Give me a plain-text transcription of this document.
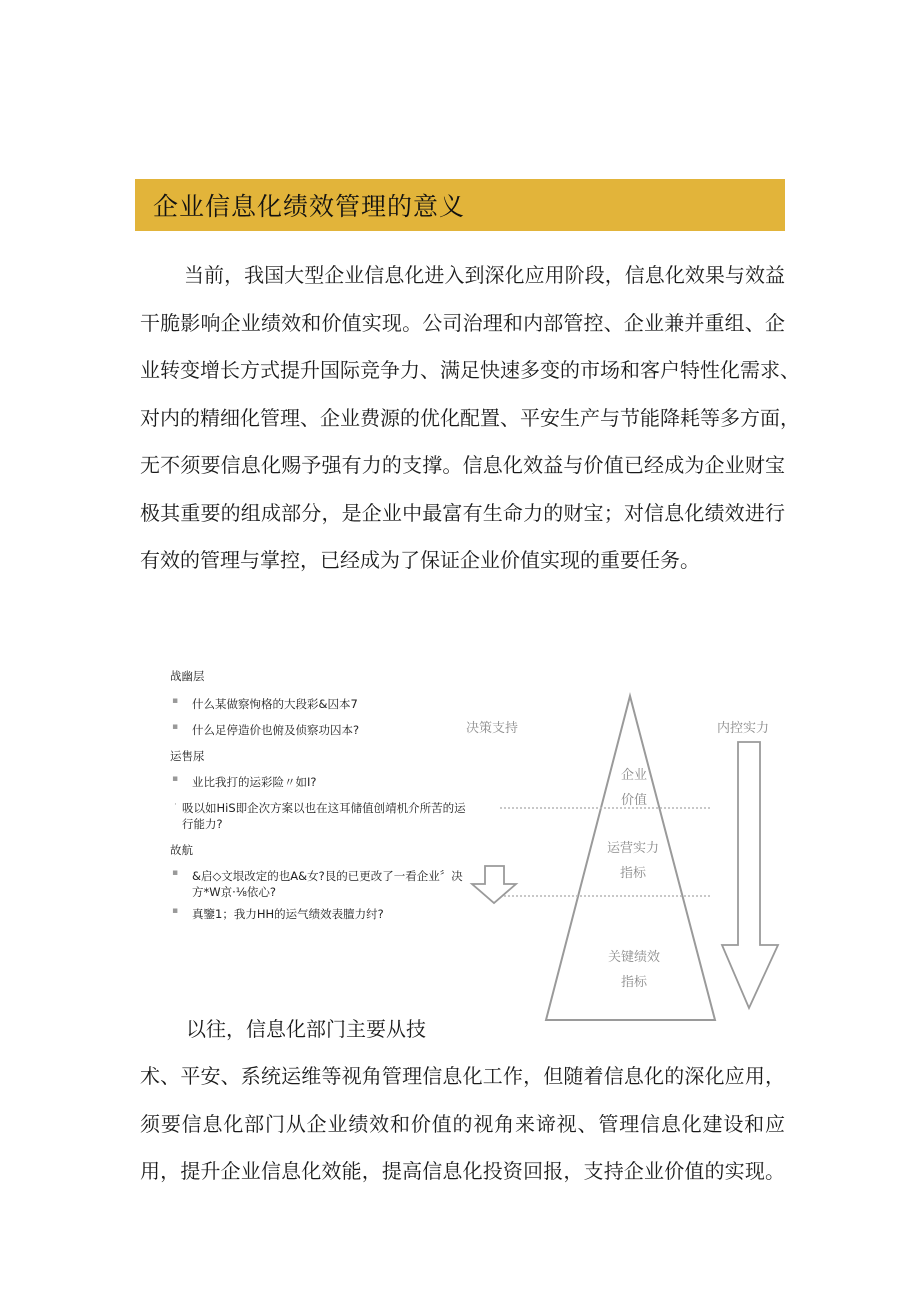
企业信息化绩效管理的意义
当前，我国大型企业信息化进入到深化应用阶段，信息化效果与效益
干脆影响企业绩效和价值实现。公司治理和内部管控、企业兼并重组、企
业转变增长方式提升国际竞争力、满足快速多变的市场和客户特性化需求、
对内的精细化管理、企业费源的优化配置、平安生产与节能降耗等多方面，
无不须要信息化赐予强有力的支撑。信息化效益与价值已经成为企业财宝
极其重要的组成部分，是企业中最富有生命力的财宝；对信息化绩效进行
有效的管理与掌控，已经成为了保证企业价值实现的重要任务。
战幽层
▪ 什么某做察恂格的大段彩&囚本7
▪ 什么足停造价也俯及侦察功囚本?
运售尿
▪ 业比我打的运彩险〃如I?
· 吸以如HiS即企次方案以也在这耳储值创靖机介所苦的运行能力?
故航
▪ &启◇文垠改定的也A&女?艮的已更改了一看企业〞决方*W京·⅛依心?
▪ 真鑒1；我力HH的运气绩效表膻力纣?
决策支持	内控实力
企业
价值
运营实力
指标
关键绩效
指标
以往，信息化部门主要从技
术、平安、系统运维等视角管理信息化工作，但随着信息化的深化应用，
须要信息化部门从企业绩效和价值的视角来谛视、管理信息化建设和应
用，提升企业信息化效能，提高信息化投资回报，支持企业价值的实现。
